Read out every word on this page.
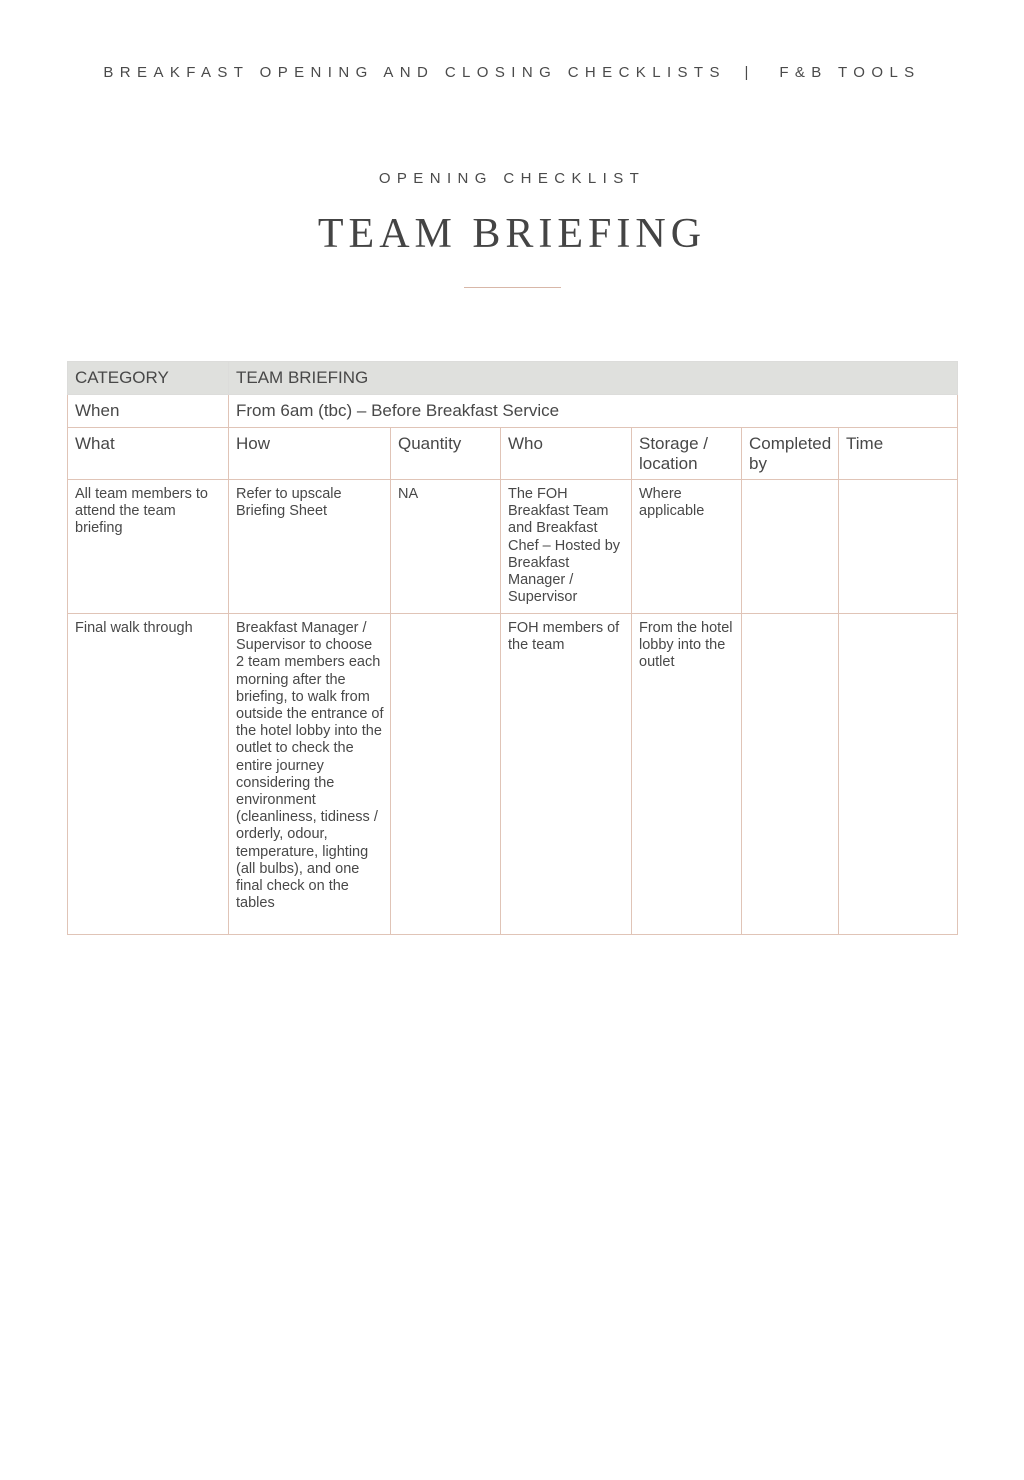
BREAKFAST OPENING AND CLOSING CHECKLISTS | F&B TOOLS
OPENING CHECKLIST
TEAM BRIEFING
CATEGORY	TEAM BRIEFING					
When	From 6am (tbc) – Before Breakfast Service					
What	How	Quantity	Who	Storage / location	Completed by	Time
All team members to attend the team briefing	Refer to upscale Briefing Sheet	NA	The FOH Breakfast Team and Breakfast Chef – Hosted by Breakfast Manager / Supervisor	Where applicable		
Final walk through	Breakfast Manager / Supervisor to choose 2 team members each morning after the briefing, to walk from outside the entrance of the hotel lobby into the outlet to check the entire journey considering the environment (cleanliness, tidiness / orderly, odour, temperature, lighting (all bulbs), and one final check on the tables		FOH members of the team	From the hotel lobby into the outlet		
